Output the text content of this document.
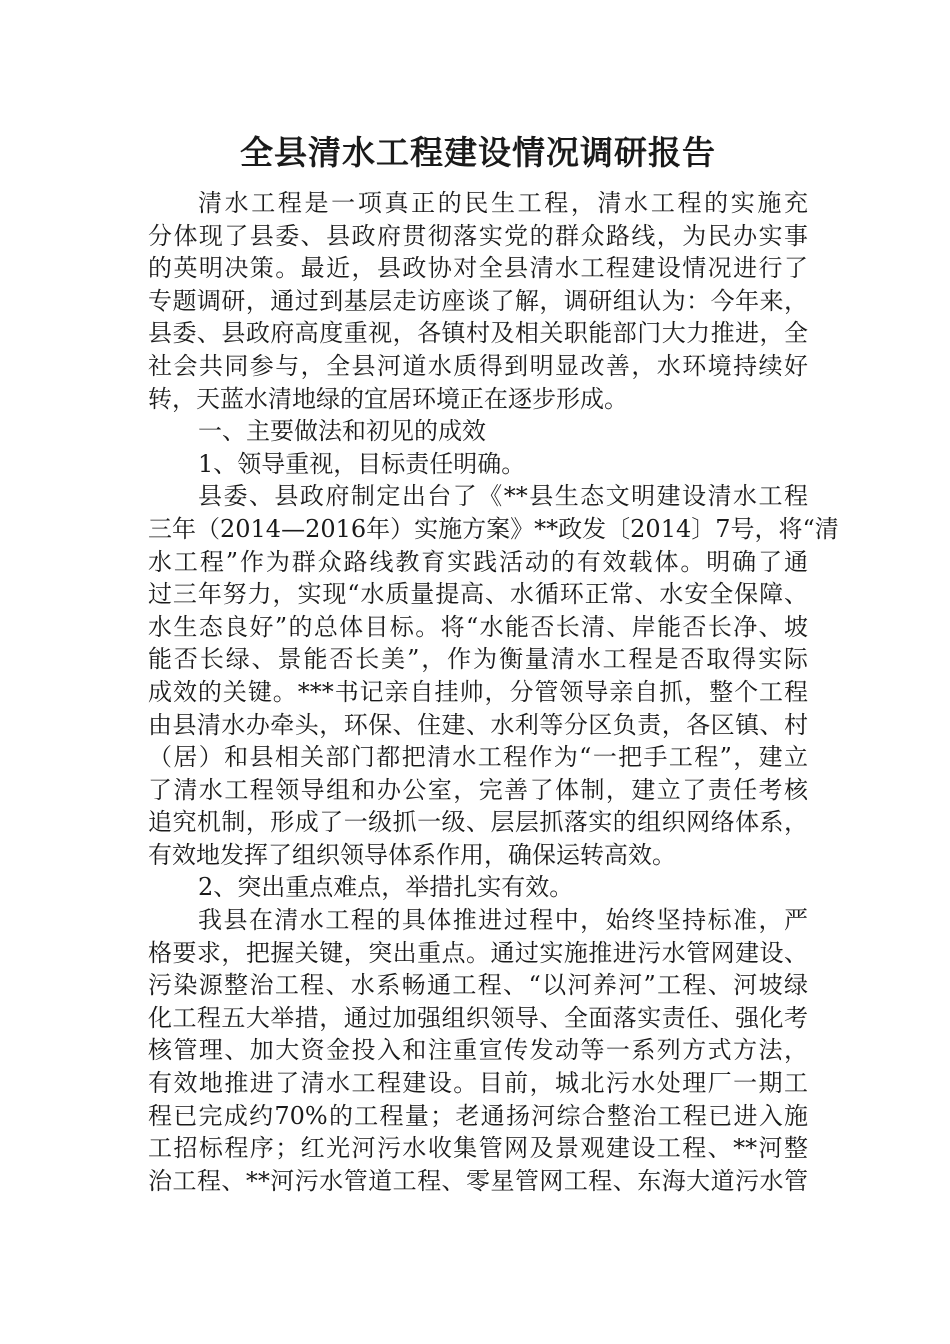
全县清水工程建设情况调研报告
清水工程是一项真正的民生工程，清水工程的实施充
分体现了县委、县政府贯彻落实党的群众路线，为民办实事
的英明决策。最近，县政协对全县清水工程建设情况进行了
专题调研，通过到基层走访座谈了解，调研组认为：今年来，
县委、县政府高度重视，各镇村及相关职能部门大力推进，全
社会共同参与，全县河道水质得到明显改善，水环境持续好
转，天蓝水清地绿的宜居环境正在逐步形成。
一、主要做法和初见的成效
1、领导重视，目标责任明确。
县委、县政府制定出台了《**县生态文明建设清水工程
三年（2014—2016年）实施方案》**政发〔2014〕7号，将“清
水工程”作为群众路线教育实践活动的有效载体。明确了通
过三年努力，实现“水质量提高、水循环正常、水安全保障、
水生态良好”的总体目标。将“水能否长清、岸能否长净、坡
能否长绿、景能否长美”，作为衡量清水工程是否取得实际
成效的关键。***书记亲自挂帅，分管领导亲自抓，整个工程
由县清水办牵头，环保、住建、水利等分区负责，各区镇、村
（居）和县相关部门都把清水工程作为“一把手工程”，建立
了清水工程领导组和办公室，完善了体制，建立了责任考核
追究机制，形成了一级抓一级、层层抓落实的组织网络体系，
有效地发挥了组织领导体系作用，确保运转高效。
2、突出重点难点，举措扎实有效。
我县在清水工程的具体推进过程中，始终坚持标准，严
格要求，把握关键，突出重点。通过实施推进污水管网建设、
污染源整治工程、水系畅通工程、“以河养河”工程、河坡绿
化工程五大举措，通过加强组织领导、全面落实责任、强化考
核管理、加大资金投入和注重宣传发动等一系列方式方法，
有效地推进了清水工程建设。目前，城北污水处理厂一期工
程已完成约70%的工程量；老通扬河综合整治工程已进入施
工招标程序；红光河污水收集管网及景观建设工程、**河整
治工程、**河污水管道工程、零星管网工程、东海大道污水管
